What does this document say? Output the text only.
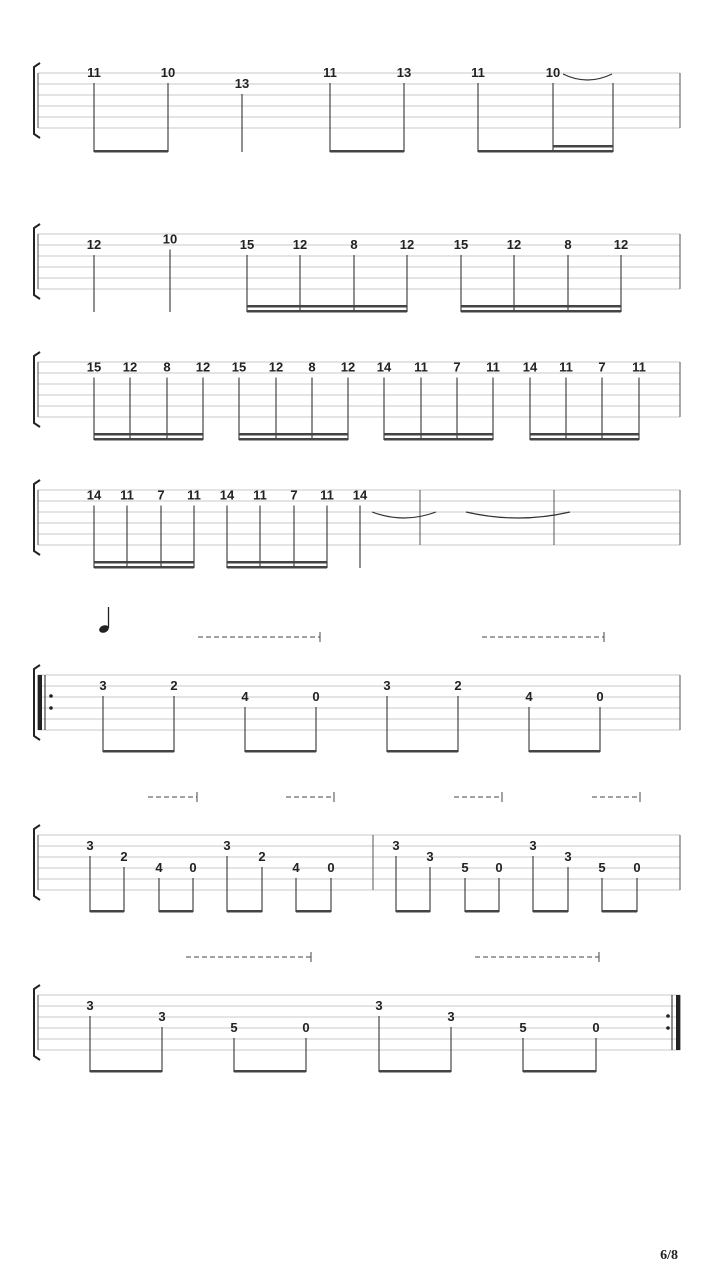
11	10
13
11	13	11	10
12	10	15	12	8	12	15	12	8	12
15 12 8 12 15 12 8 12 14 11 7 11 14 11 7 11
14 11 7 11 14 11 7 11 14
3	2
4	0
3	2
4	0
3
2
4 0
3
2
4 0
3
3
5 0
3
3
5 0
3
3
5	0
3
3
5	0
6/8
